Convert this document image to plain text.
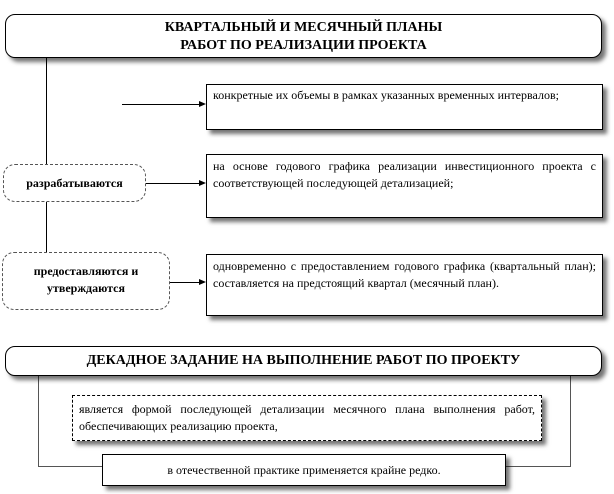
КВАРТАЛЬНЫЙ И МЕСЯЧНЫЙ ПЛАНЫ
РАБОТ ПО РЕАЛИЗАЦИИ ПРОЕКТА
конкретные их объемы в рамках указанных временных интервалов;
разрабатываются
на основе годового графика реализации инвестиционного проекта с соответствующей последующей детализацией;
предоставляются и
утверждаются
одновременно с предоставлением годового графика (квартальный план); составляется на предстоящий квартал (месячный план).
ДЕКАДНОЕ ЗАДАНИЕ НА ВЫПОЛНЕНИЕ РАБОТ ПО ПРОЕКТУ
является формой последующей детализации месячного плана выполнения работ, обеспечивающих реализацию проекта,
в отечественной практике применяется крайне редко.
